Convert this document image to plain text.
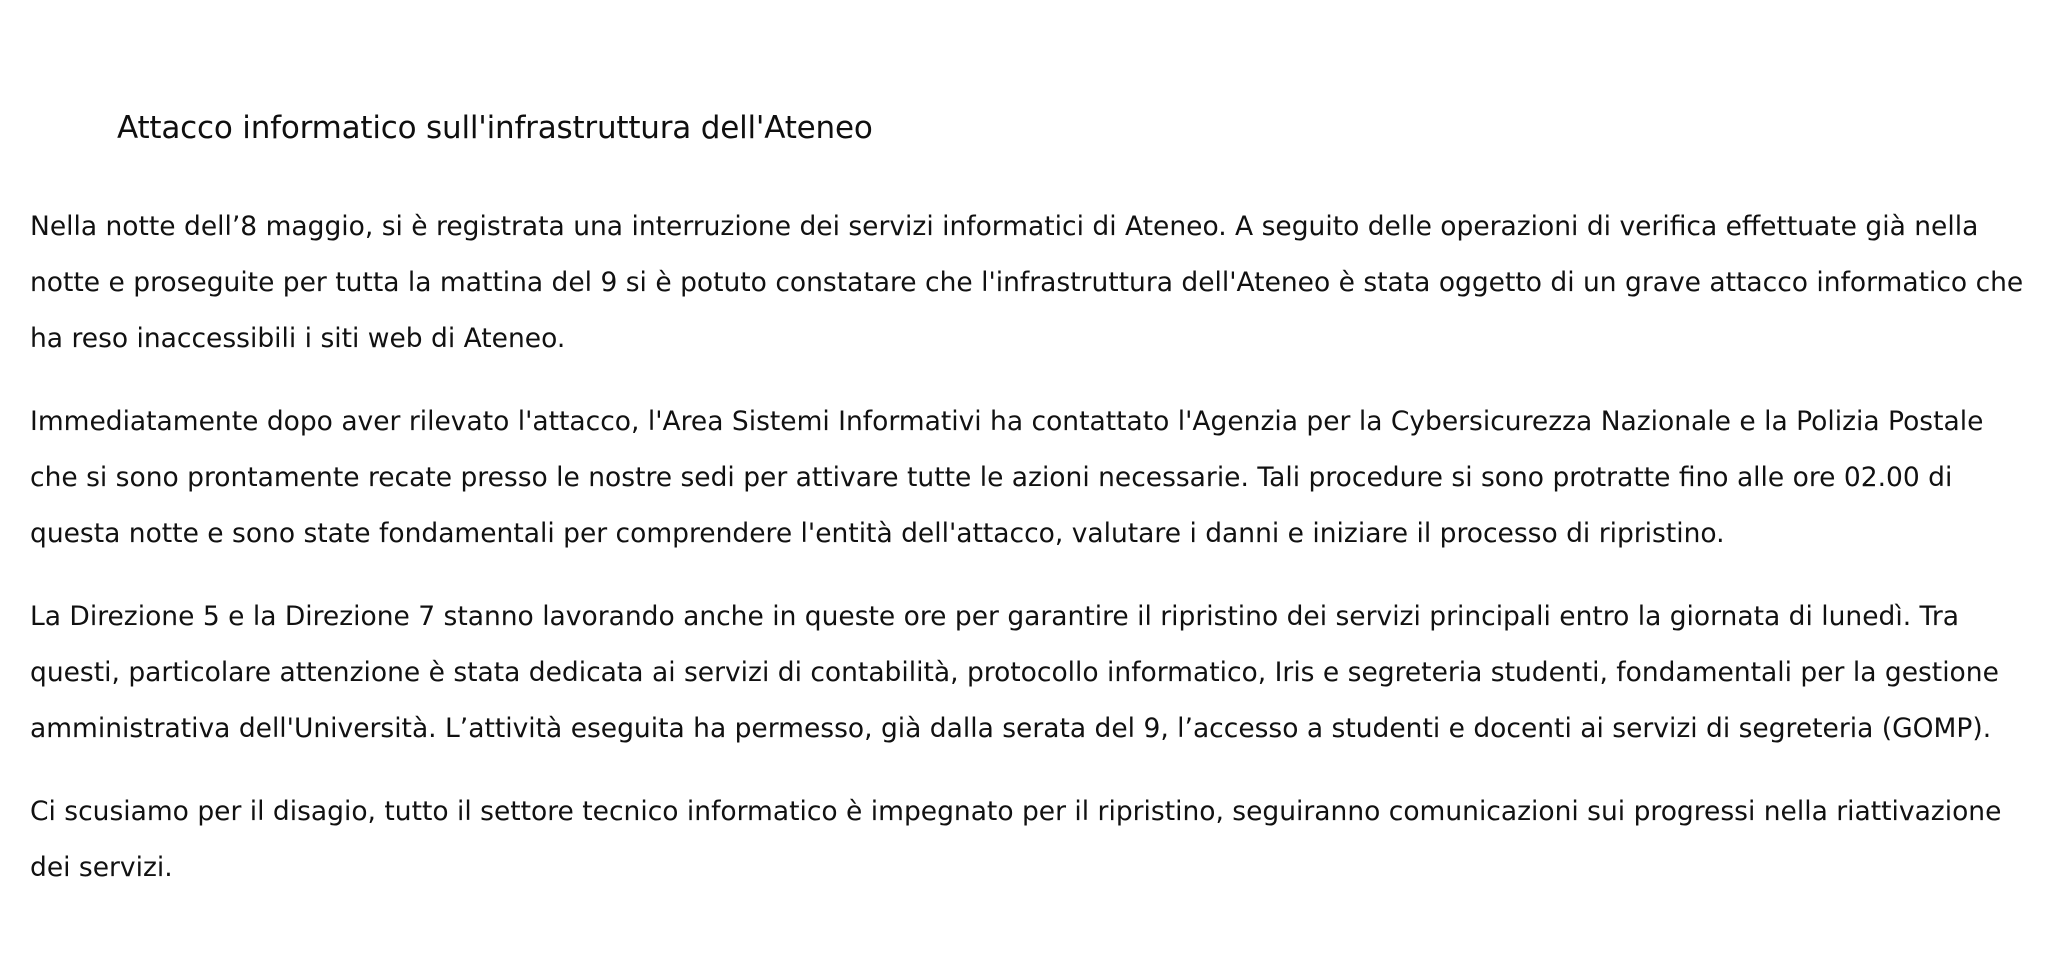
Attacco informatico sull'infrastruttura dell'Ateneo

Nella notte dell’8 maggio, si è registrata una interruzione dei servizi informatici di Ateneo. A seguito delle operazioni di verifica effettuate già nella notte e proseguite per tutta la mattina del 9 si è potuto constatare che l'infrastruttura dell'Ateneo è stata oggetto di un grave attacco informatico che ha reso inaccessibili i siti web di Ateneo.

Immediatamente dopo aver rilevato l'attacco, l'Area Sistemi Informativi ha contattato l'Agenzia per la Cybersicurezza Nazionale e la Polizia Postale che si sono prontamente recate presso le nostre sedi per attivare tutte le azioni necessarie. Tali procedure si sono protratte fino alle ore 02.00 di questa notte e sono state fondamentali per comprendere l'entità dell'attacco, valutare i danni e iniziare il processo di ripristino.

La Direzione 5 e la Direzione 7 stanno lavorando anche in queste ore per garantire il ripristino dei servizi principali entro la giornata di lunedì. Tra questi, particolare attenzione è stata dedicata ai servizi di contabilità, protocollo informatico, Iris e segreteria studenti, fondamentali per la gestione amministrativa dell'Università. L’attività eseguita ha permesso, già dalla serata del 9, l’accesso a studenti e docenti ai servizi di segreteria (GOMP).

Ci scusiamo per il disagio, tutto il settore tecnico informatico è impegnato per il ripristino, seguiranno comunicazioni sui progressi nella riattivazione dei servizi.
